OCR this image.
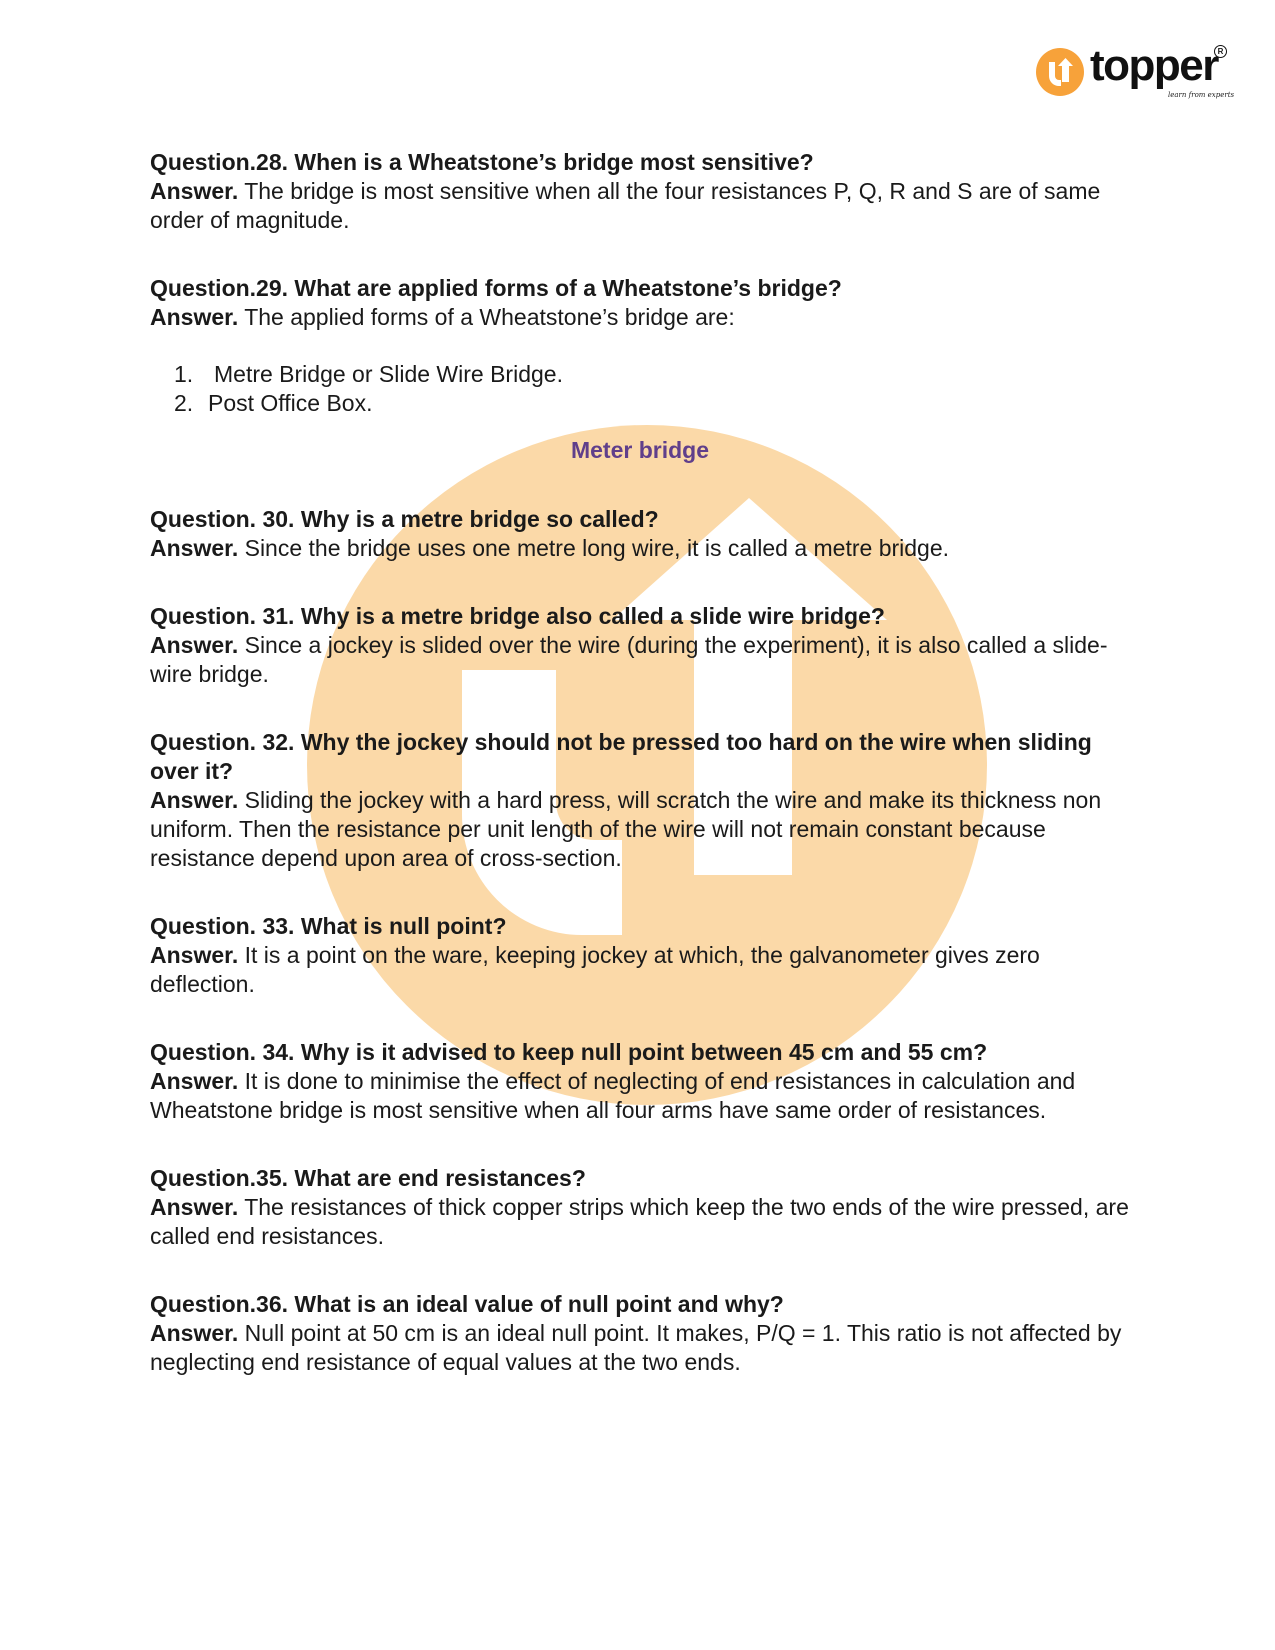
topper R
learn from experts

Question.28. When is a Wheatstone’s bridge most sensitive?

Answer. The bridge is most sensitive when all the four resistances P, Q, R and S are of same order of magnitude.

Question.29. What are applied forms of a Wheatstone’s bridge?

Answer. The applied forms of a Wheatstone’s bridge are:

1. Metre Bridge or Slide Wire Bridge.
2. Post Office Box.

Meter bridge

Question. 30. Why is a metre bridge so called?

Answer. Since the bridge uses one metre long wire, it is called a metre bridge.

Question. 31. Why is a metre bridge also called a slide wire bridge?

Answer. Since a jockey is slided over the wire (during the experiment), it is also called a slide- wire bridge.

Question. 32. Why the jockey should not be pressed too hard on the wire when sliding over it?

Answer. Sliding the jockey with a hard press, will scratch the wire and make its thickness non uniform. Then the resistance per unit length of the wire will not remain constant because resistance depend upon area of cross-section.

Question. 33. What is null point?

Answer. It is a point on the ware, keeping jockey at which, the galvanometer gives zero deflection.

Question. 34. Why is it advised to keep null point between 45 cm and 55 cm?

Answer. It is done to minimise the effect of neglecting of end resistances in calculation and Wheatstone bridge is most sensitive when all four arms have same order of resistances.

Question.35. What are end resistances?

Answer. The resistances of thick copper strips which keep the two ends of the wire pressed, are called end resistances.

Question.36. What is an ideal value of null point and why?

Answer. Null point at 50 cm is an ideal null point. It makes, P/Q = 1. This ratio is not affected by neglecting end resistance of equal values at the two ends.
